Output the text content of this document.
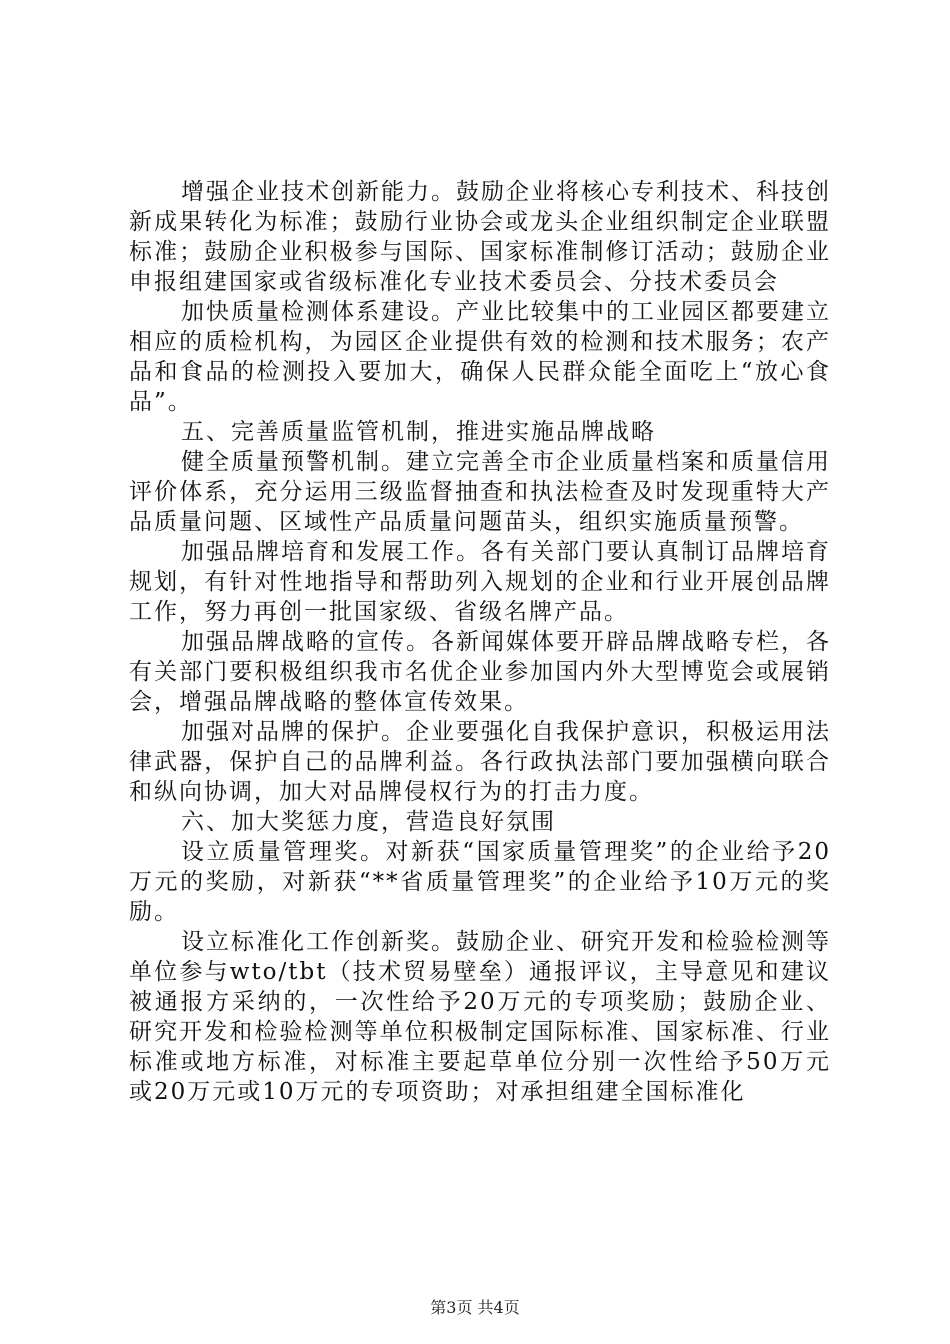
增强企业技术创新能力。鼓励企业将核心专利技术、科技创新成果转化为标准；鼓励行业协会或龙头企业组织制定企业联盟标准；鼓励企业积极参与国际、国家标准制修订活动；鼓励企业申报组建国家或省级标准化专业技术委员会、分技术委员会

加快质量检测体系建设。产业比较集中的工业园区都要建立相应的质检机构，为园区企业提供有效的检测和技术服务；农产品和食品的检测投入要加大，确保人民群众能全面吃上“放心食品”。

五、完善质量监管机制，推进实施品牌战略

健全质量预警机制。建立完善全市企业质量档案和质量信用评价体系，充分运用三级监督抽查和执法检查及时发现重特大产品质量问题、区域性产品质量问题苗头，组织实施质量预警。

加强品牌培育和发展工作。各有关部门要认真制订品牌培育规划，有针对性地指导和帮助列入规划的企业和行业开展创品牌工作，努力再创一批国家级、省级名牌产品。

加强品牌战略的宣传。各新闻媒体要开辟品牌战略专栏，各有关部门要积极组织我市名优企业参加国内外大型博览会或展销会，增强品牌战略的整体宣传效果。

加强对品牌的保护。企业要强化自我保护意识，积极运用法律武器，保护自己的品牌利益。各行政执法部门要加强横向联合和纵向协调，加大对品牌侵权行为的打击力度。

六、加大奖惩力度，营造良好氛围

设立质量管理奖。对新获“国家质量管理奖”的企业给予20万元的奖励，对新获“**省质量管理奖”的企业给予10万元的奖励。

设立标准化工作创新奖。鼓励企业、研究开发和检验检测等单位参与wto/tbt（技术贸易壁垒）通报评议，主导意见和建议被通报方采纳的，一次性给予20万元的专项奖励；鼓励企业、研究开发和检验检测等单位积极制定国际标准、国家标准、行业标准或地方标准，对标准主要起草单位分别一次性给予50万元或20万元或10万元的专项资助；对承担组建全国标准化

第3页 共4页
